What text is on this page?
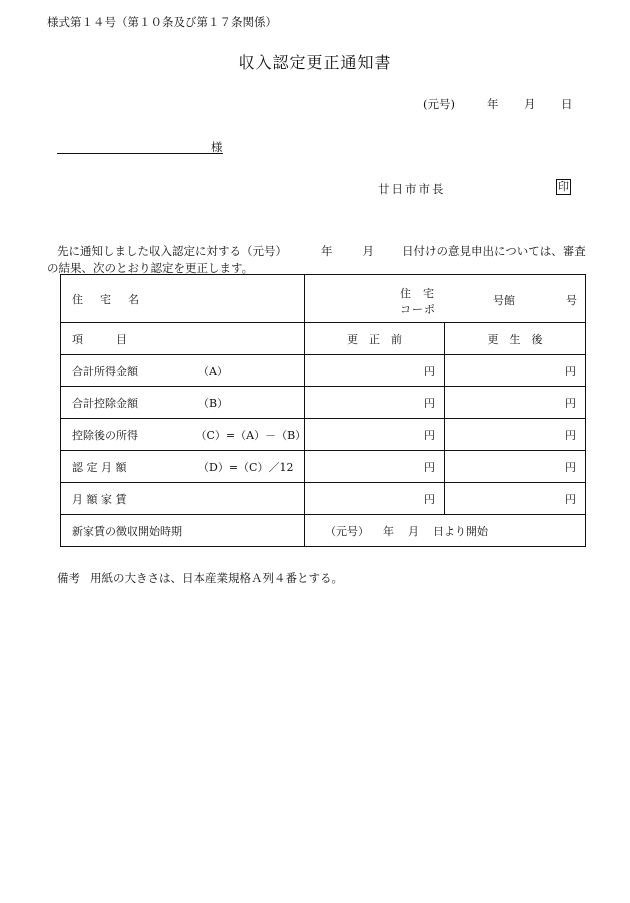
様式第１４号（第１０条及び第１７条関係）
収入認定更正通知書
(元号)	年 月 日
様
廿日市市長	印
先に通知しました収入認定に対する（元号）	年	月 日付けの意見申出については、審査
の結果、次のとおり認定を更正します。
住　宅　名	住宅
コーポ
号館 号	

項　　　目	更　正　前	更　生　後

合計所得金額 （A）	円	円

合計控除金額 （B）	円	円

控除後の所得 （C）=（A）－（B）	円	円

認 定 月 額 （D）=（C）／12	円	円

月 額 家 賃	円	円
新家賃の徴収開始時期	（元号） 年 月 日より開始	
備考 用紙の大きさは、日本産業規格Ａ列４番とする。
